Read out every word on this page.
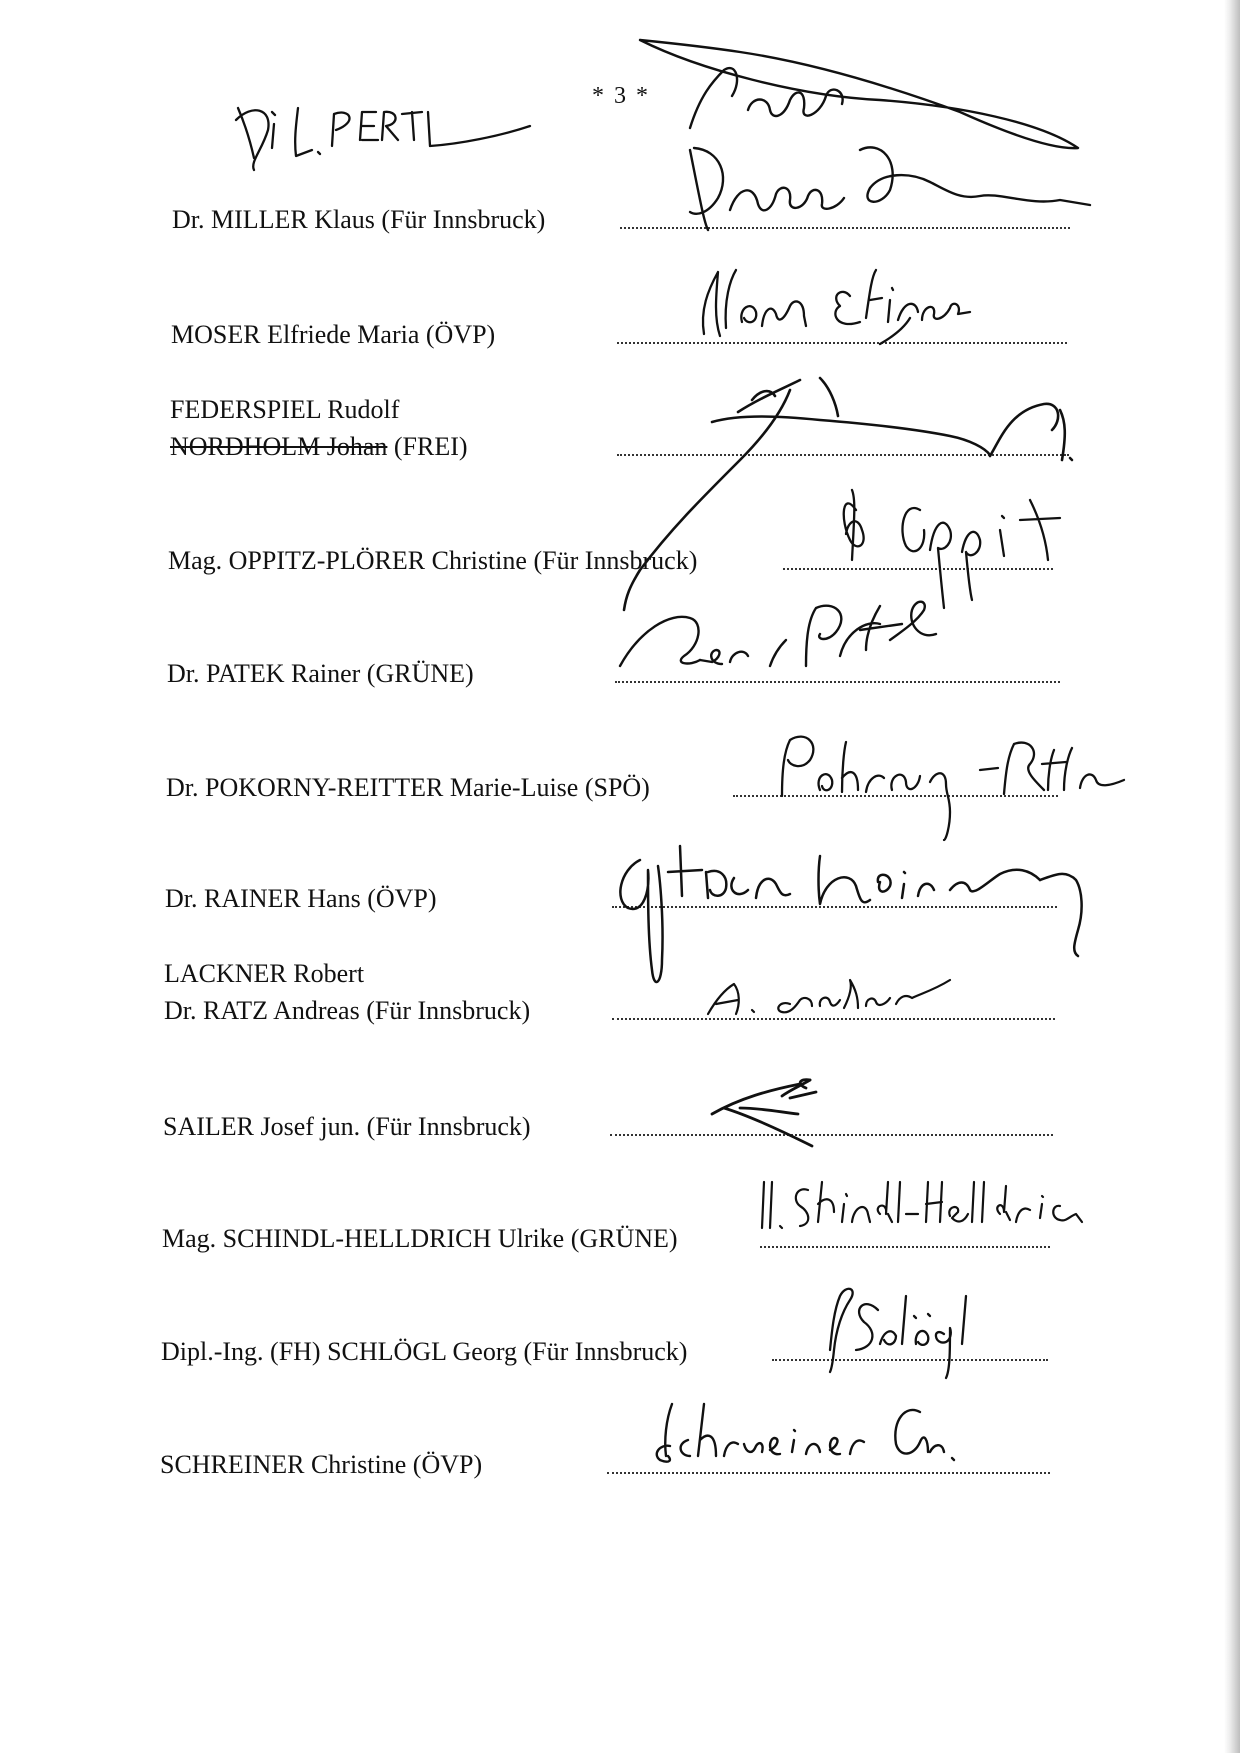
* 3 *
Dr. MILLER Klaus (Für Innsbruck)
MOSER Elfriede Maria (ÖVP)
FEDERSPIEL Rudolf
NORDHOLM Johan (FREI)
Mag. OPPITZ-PLÖRER Christine (Für Innsbruck)
Dr. PATEK Rainer (GRÜNE)
Dr. POKORNY-REITTER Marie-Luise (SPÖ)
Dr. RAINER Hans (ÖVP)
LACKNER Robert
Dr. RATZ Andreas (Für Innsbruck)
SAILER Josef jun. (Für Innsbruck)
Mag. SCHINDL-HELLDRICH Ulrike (GRÜNE)
Dipl.-Ing. (FH) SCHLÖGL Georg (Für Innsbruck)
SCHREINER Christine (ÖVP)
